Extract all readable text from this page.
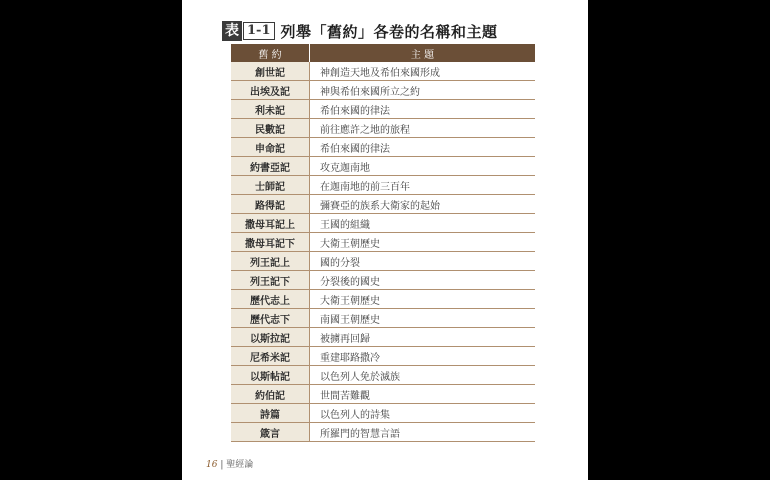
表 1-1 列舉「舊約」各卷的名稱和主題
舊 約	主 題
創世記	神創造天地及希伯來國形成
出埃及記	神與希伯來國所立之約
利未記	希伯來國的律法
民數記	前往應許之地的旅程
申命記	希伯來國的律法
約書亞記	攻克迦南地
士師記	在迦南地的前三百年
路得記	彌賽亞的族系大衛家的起始
撒母耳記上	王國的組織
撒母耳記下	大衛王朝歷史
列王記上	國的分裂
列王記下	分裂後的國史
歷代志上	大衛王朝歷史
歷代志下	南國王朝歷史
以斯拉記	被擄再回歸
尼希米記	重建耶路撒冷
以斯帖記	以色列人免於滅族
約伯記	世間苦難觀
詩篇	以色列人的詩集
箴言	所羅門的智慧言語
16 | 聖經論
